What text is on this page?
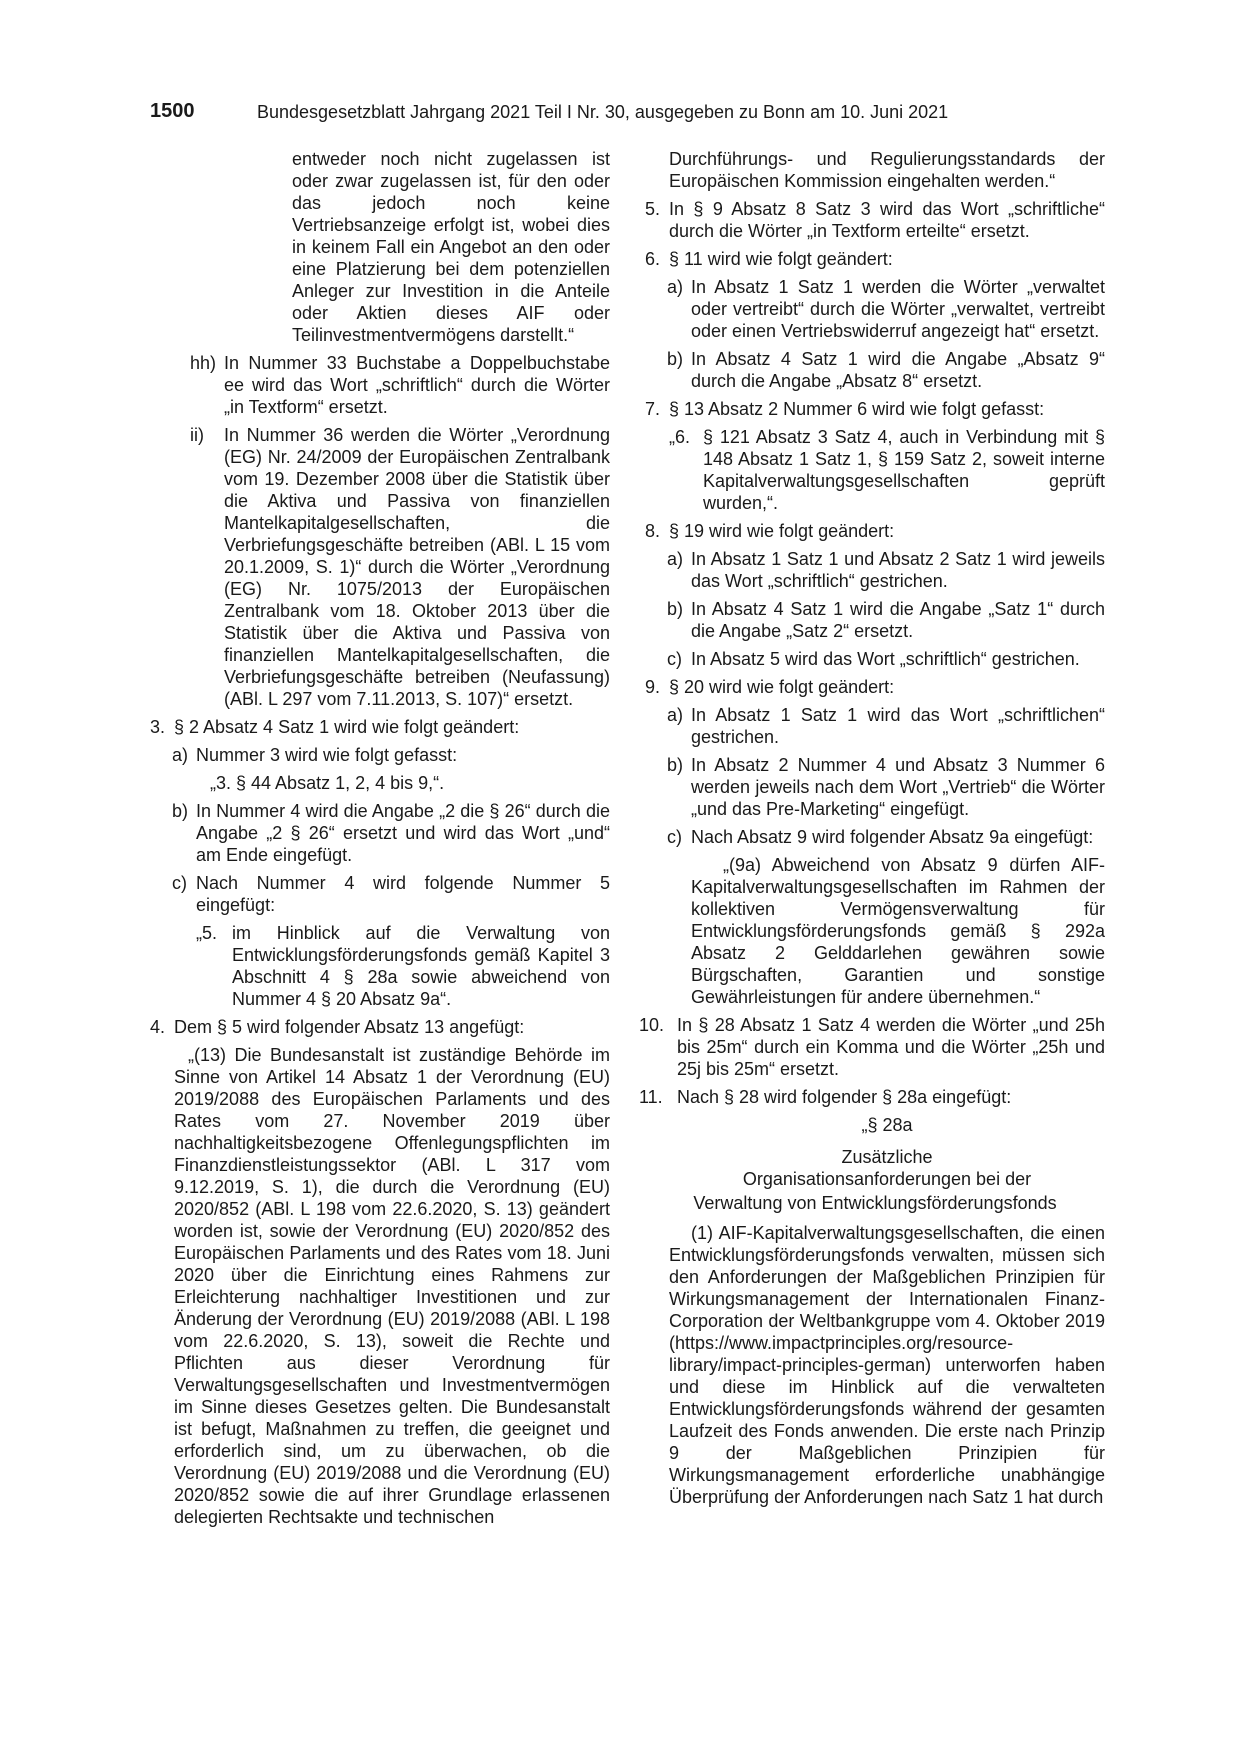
1500	Bundesgesetzblatt Jahrgang 2021 Teil I Nr. 30, ausgegeben zu Bonn am 10. Juni 2021
entweder noch nicht zugelassen ist oder zwar zugelassen ist, für den oder das jedoch noch keine Vertriebsanzeige erfolgt ist, wobei dies in keinem Fall ein Angebot an den oder eine Platzierung bei dem potenziellen Anleger zur Investition in die Anteile oder Aktien dieses AIF oder Teilinvestmentvermögens darstellt.“
hh) In Nummer 33 Buchstabe a Doppelbuchstabe ee wird das Wort „schriftlich“ durch die Wörter „in Textform“ ersetzt.
ii) In Nummer 36 werden die Wörter „Verordnung (EG) Nr. 24/2009 der Europäischen Zentralbank vom 19. Dezember 2008 über die Statistik über die Aktiva und Passiva von finanziellen Mantelkapitalgesellschaften, die Verbriefungsgeschäfte betreiben (ABl. L 15 vom 20.1.2009, S. 1)“ durch die Wörter „Verordnung (EG) Nr. 1075/2013 der Europäischen Zentralbank vom 18. Oktober 2013 über die Statistik über die Aktiva und Passiva von finanziellen Mantelkapitalgesellschaften, die Verbriefungsgeschäfte betreiben (Neufassung) (ABl. L 297 vom 7.11.2013, S. 107)“ ersetzt.
3. § 2 Absatz 4 Satz 1 wird wie folgt geändert:
a) Nummer 3 wird wie folgt gefasst:
„3. § 44 Absatz 1, 2, 4 bis 9,“.
b) In Nummer 4 wird die Angabe „2 die § 26“ durch die Angabe „2 § 26“ ersetzt und wird das Wort „und“ am Ende eingefügt.
c) Nach Nummer 4 wird folgende Nummer 5 eingefügt:
„5. im Hinblick auf die Verwaltung von Entwicklungsförderungsfonds gemäß Kapitel 3 Abschnitt 4 § 28a sowie abweichend von Nummer 4 § 20 Absatz 9a“.
4. Dem § 5 wird folgender Absatz 13 angefügt:
„(13) Die Bundesanstalt ist zuständige Behörde im Sinne von Artikel 14 Absatz 1 der Verordnung (EU) 2019/2088 des Europäischen Parlaments und des Rates vom 27. November 2019 über nachhaltigkeitsbezogene Offenlegungspflichten im Finanzdienstleistungssektor (ABl. L 317 vom 9.12.2019, S. 1), die durch die Verordnung (EU) 2020/852 (ABl. L 198 vom 22.6.2020, S. 13) geändert worden ist, sowie der Verordnung (EU) 2020/852 des Europäischen Parlaments und des Rates vom 18. Juni 2020 über die Einrichtung eines Rahmens zur Erleichterung nachhaltiger Investitionen und zur Änderung der Verordnung (EU) 2019/2088 (ABl. L 198 vom 22.6.2020, S. 13), soweit die Rechte und Pflichten aus dieser Verordnung für Verwaltungsgesellschaften und Investmentvermögen im Sinne dieses Gesetzes gelten. Die Bundesanstalt ist befugt, Maßnahmen zu treffen, die geeignet und erforderlich sind, um zu überwachen, ob die Verordnung (EU) 2019/2088 und die Verordnung (EU) 2020/852 sowie die auf ihrer Grundlage erlassenen delegierten Rechtsakte und technischen
Durchführungs- und Regulierungsstandards der Europäischen Kommission eingehalten werden.“
5. In § 9 Absatz 8 Satz 3 wird das Wort „schriftliche“ durch die Wörter „in Textform erteilte“ ersetzt.
6. § 11 wird wie folgt geändert:
a) In Absatz 1 Satz 1 werden die Wörter „verwaltet oder vertreibt“ durch die Wörter „verwaltet, vertreibt oder einen Vertriebswiderruf angezeigt hat“ ersetzt.
b) In Absatz 4 Satz 1 wird die Angabe „Absatz 9“ durch die Angabe „Absatz 8“ ersetzt.
7. § 13 Absatz 2 Nummer 6 wird wie folgt gefasst:
„6. § 121 Absatz 3 Satz 4, auch in Verbindung mit § 148 Absatz 1 Satz 1, § 159 Satz 2, soweit interne Kapitalverwaltungsgesellschaften geprüft wurden,“.
8. § 19 wird wie folgt geändert:
a) In Absatz 1 Satz 1 und Absatz 2 Satz 1 wird jeweils das Wort „schriftlich“ gestrichen.
b) In Absatz 4 Satz 1 wird die Angabe „Satz 1“ durch die Angabe „Satz 2“ ersetzt.
c) In Absatz 5 wird das Wort „schriftlich“ gestrichen.
9. § 20 wird wie folgt geändert:
a) In Absatz 1 Satz 1 wird das Wort „schriftlichen“ gestrichen.
b) In Absatz 2 Nummer 4 und Absatz 3 Nummer 6 werden jeweils nach dem Wort „Vertrieb“ die Wörter „und das Pre-Marketing“ eingefügt.
c) Nach Absatz 9 wird folgender Absatz 9a eingefügt:
„(9a) Abweichend von Absatz 9 dürfen AIF-Kapitalverwaltungsgesellschaften im Rahmen der kollektiven Vermögensverwaltung für Entwicklungsförderungsfonds gemäß § 292a Absatz 2 Gelddarlehen gewähren sowie Bürgschaften, Garantien und sonstige Gewährleistungen für andere übernehmen.“
10. In § 28 Absatz 1 Satz 4 werden die Wörter „und 25h bis 25m“ durch ein Komma und die Wörter „25h und 25j bis 25m“ ersetzt.
11. Nach § 28 wird folgender § 28a eingefügt:
„§ 28a
Zusätzliche
Organisationsanforderungen bei der
Verwaltung von Entwicklungsförderungsfonds
(1) AIF-Kapitalverwaltungsgesellschaften, die einen Entwicklungsförderungsfonds verwalten, müssen sich den Anforderungen der Maßgeblichen Prinzipien für Wirkungsmanagement der Internationalen Finanz-Corporation der Weltbankgruppe vom 4. Oktober 2019 (https://www.impactprinciples.org/resource-library/impact-principles-german) unterworfen haben und diese im Hinblick auf die verwalteten Entwicklungsförderungsfonds während der gesamten Laufzeit des Fonds anwenden. Die erste nach Prinzip 9 der Maßgeblichen Prinzipien für Wirkungsmanagement erforderliche unabhängige Überprüfung der Anforderungen nach Satz 1 hat durch
